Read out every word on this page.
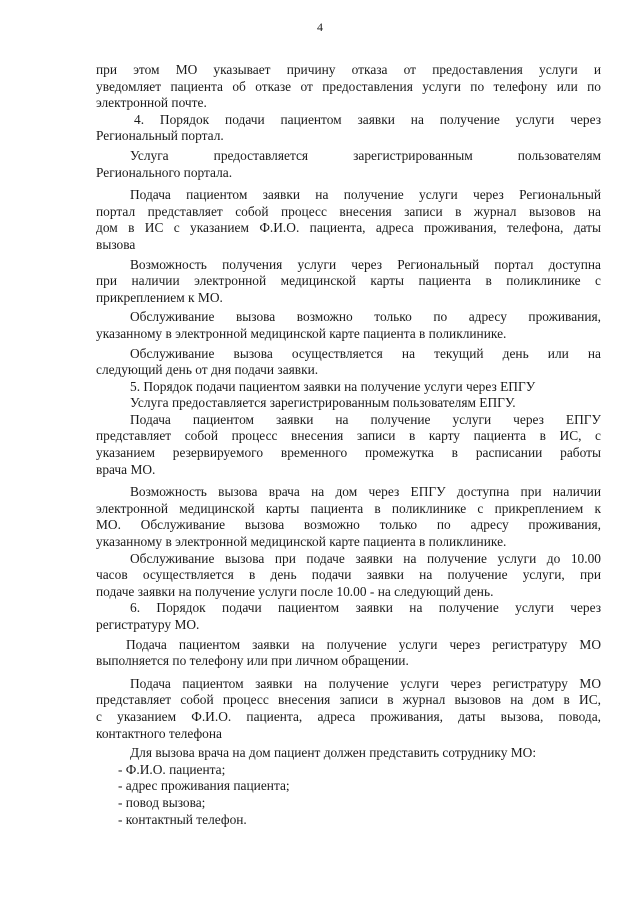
4
при этом МО указывает причину отказа от предоставления услуги и
уведомляет пациента об отказе от предоставления услуги по телефону или по
электронной почте.
4. Порядок подачи пациентом заявки на получение услуги через
Региональный портал.
Услуга предоставляется зарегистрированным пользователям
Регионального портала.
Подача пациентом заявки на получение услуги через Региональный
портал представляет собой процесс внесения записи в журнал вызовов на
дом в ИС с указанием Ф.И.О. пациента, адреса проживания, телефона, даты
вызова
Возможность получения услуги через Региональный портал доступна
при наличии электронной медицинской карты пациента в поликлинике с
прикреплением к МО.
Обслуживание вызова возможно только по адресу проживания,
указанному в электронной медицинской карте пациента в поликлинике.
Обслуживание вызова осуществляется на текущий день или на
следующий день от дня подачи заявки.
5. Порядок подачи пациентом заявки на получение услуги через ЕПГУ
Услуга предоставляется зарегистрированным пользователям ЕПГУ.
Подача пациентом заявки на получение услуги через ЕПГУ
представляет собой процесс внесения записи в карту пациента в ИС, с
указанием резервируемого временного промежутка в расписании работы
врача МО.
Возможность вызова врача на дом через ЕПГУ доступна при наличии
электронной медицинской карты пациента в поликлинике с прикреплением к
МО. Обслуживание вызова возможно только по адресу проживания,
указанному в электронной медицинской карте пациента в поликлинике.
Обслуживание вызова при подаче заявки на получение услуги до 10.00
часов осуществляется в день подачи заявки на получение услуги, при
подаче заявки на получение услуги после 10.00 - на следующий день.
6. Порядок подачи пациентом заявки на получение услуги через
регистратуру МО.
Подача пациентом заявки на получение услуги через регистратуру МО
выполняется по телефону или при личном обращении.
Подача пациентом заявки на получение услуги через регистратуру МО
представляет собой процесс внесения записи в журнал вызовов на дом в ИС,
с указанием Ф.И.О. пациента, адреса проживания, даты вызова, повода,
контактного телефона
Для вызова врача на дом пациент должен представить сотруднику МО:
- Ф.И.О. пациента;
- адрес проживания пациента;
- повод вызова;
- контактный телефон.
